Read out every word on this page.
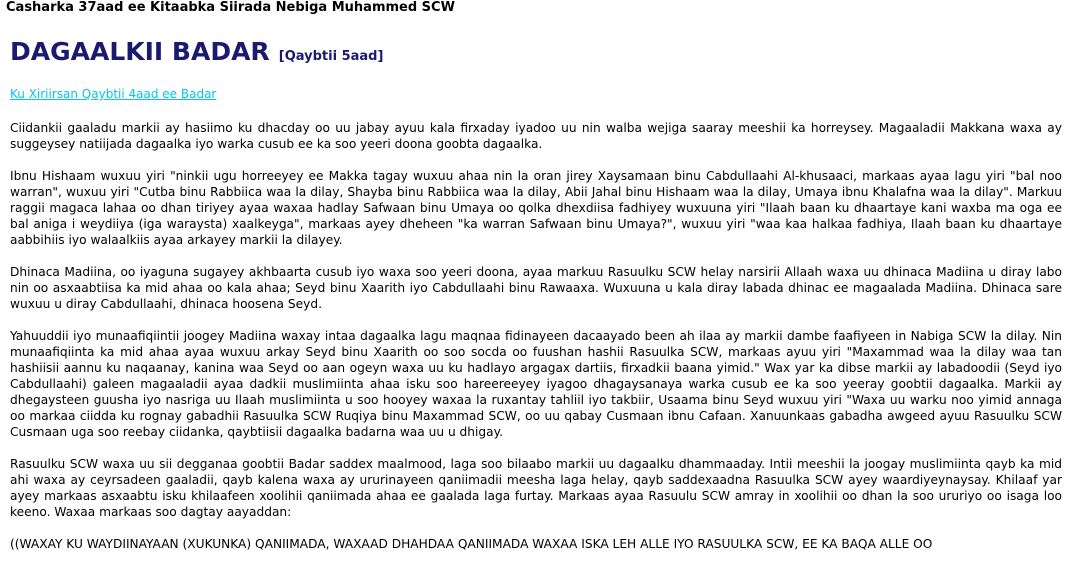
Casharka 37aad ee Kitaabka Siirada Nebiga Muhammed SCW
DAGAALKII BADAR [Qaybtii 5aad]
Ku Xiriirsan Qaybtii 4aad ee Badar

Ciidankii gaaladu markii ay hasiimo ku dhacday oo uu jabay ayuu kala firxaday iyadoo uu nin walba wejiga saaray meeshii ka horreysey. Magaaladii Makkana waxa ay suggeysey natiijada dagaalka iyo warka cusub ee ka soo yeeri doona goobta dagaalka.

Ibnu Hishaam wuxuu yiri "ninkii ugu horreeyey ee Makka tagay wuxuu ahaa nin la oran jirey Xaysamaan binu Cabdullaahi Al-khusaaci, markaas ayaa lagu yiri "bal noo warran", wuxuu yiri "Cutba binu Rabbiica waa la dilay, Shayba binu Rabbiica waa la dilay, Abii Jahal binu Hishaam waa la dilay, Umaya ibnu Khalafna waa la dilay". Markuu raggii magaca lahaa oo dhan tiriyey ayaa waxaa hadlay Safwaan binu Umaya oo qolka dhexdiisa fadhiyey wuxuuna yiri "Ilaah baan ku dhaartaye kani waxba ma oga ee bal aniga i weydiiya (iga waraysta) xaalkeyga", markaas ayey dheheen "ka warran Safwaan binu Umaya?", wuxuu yiri "waa kaa halkaa fadhiya, Ilaah baan ku dhaartaye aabbihiis iyo walaalkiis ayaa arkayey markii la dilayey.

Dhinaca Madiina, oo iyaguna sugayey akhbaarta cusub iyo waxa soo yeeri doona, ayaa markuu Rasuulku SCW helay narsirii Allaah waxa uu dhinaca Madiina u diray labo nin oo asxaabtiisa ka mid ahaa oo kala ahaa; Seyd binu Xaarith iyo Cabdullaahi binu Rawaaxa. Wuxuuna u kala diray labada dhinac ee magaalada Madiina. Dhinaca sare wuxuu u diray Cabdullaahi, dhinaca hoosena Seyd.

Yahuuddii iyo munaafiqiintii joogey Madiina waxay intaa dagaalka lagu maqnaa fidinayeen dacaayado been ah ilaa ay markii dambe faafiyeen in Nabiga SCW la dilay. Nin munaafiqiinta ka mid ahaa ayaa wuxuu arkay Seyd binu Xaarith oo soo socda oo fuushan hashii Rasuulka SCW, markaas ayuu yiri "Maxammad waa la dilay waa tan hashiisii aannu ku naqaanay, kanina waa Seyd oo aan ogeyn waxa uu ku hadlayo argagax dartiis, firxadkii baana yimid." Wax yar ka dibse markii ay labadoodii (Seyd iyo Cabdullaahi) galeen magaaladii ayaa dadkii muslimiinta ahaa isku soo hareereeyey iyagoo dhagaysanaya warka cusub ee ka soo yeeray goobtii dagaalka. Markii ay dhegaysteen guusha iyo nasriga uu Ilaah muslimiinta u soo hooyey waxaa la ruxantay tahliil iyo takbiir, Usaama binu Seyd wuxuu yiri "Waxa uu warku noo yimid annaga oo markaa ciidda ku rognay gabadhii Rasuulka SCW Ruqiya binu Maxammad SCW, oo uu qabay Cusmaan ibnu Cafaan. Xanuunkaas gabadha awgeed ayuu Rasuulku SCW Cusmaan uga soo reebay ciidanka, qaybtiisii dagaalka badarna waa uu u dhigay.

Rasuulku SCW waxa uu sii degganaa goobtii Badar saddex maalmood, laga soo bilaabo markii uu dagaalku dhammaaday. Intii meeshii la joogay muslimiinta qayb ka mid ahi waxa ay ceyrsadeen gaaladii, qayb kalena waxa ay ururinayeen qaniimadii meesha laga helay, qayb saddexaadna Rasuulka SCW ayey waardiyeynaysay. Khilaaf yar ayey markaas asxaabtu isku khilaafeen xoolihii qaniimada ahaa ee gaalada laga furtay. Markaas ayaa Rasuulu SCW amray in xoolihii oo dhan la soo ururiyo oo isaga loo keeno. Waxaa markaas soo dagtay aayaddan:

((WAXAY KU WAYDIINAYAAN (XUKUNKA) QANIIMADA, WAXAAD DHAHDAA QANIIMADA WAXAA ISKA LEH ALLE IYO RASUULKA SCW, EE KA BAQA ALLE OO
